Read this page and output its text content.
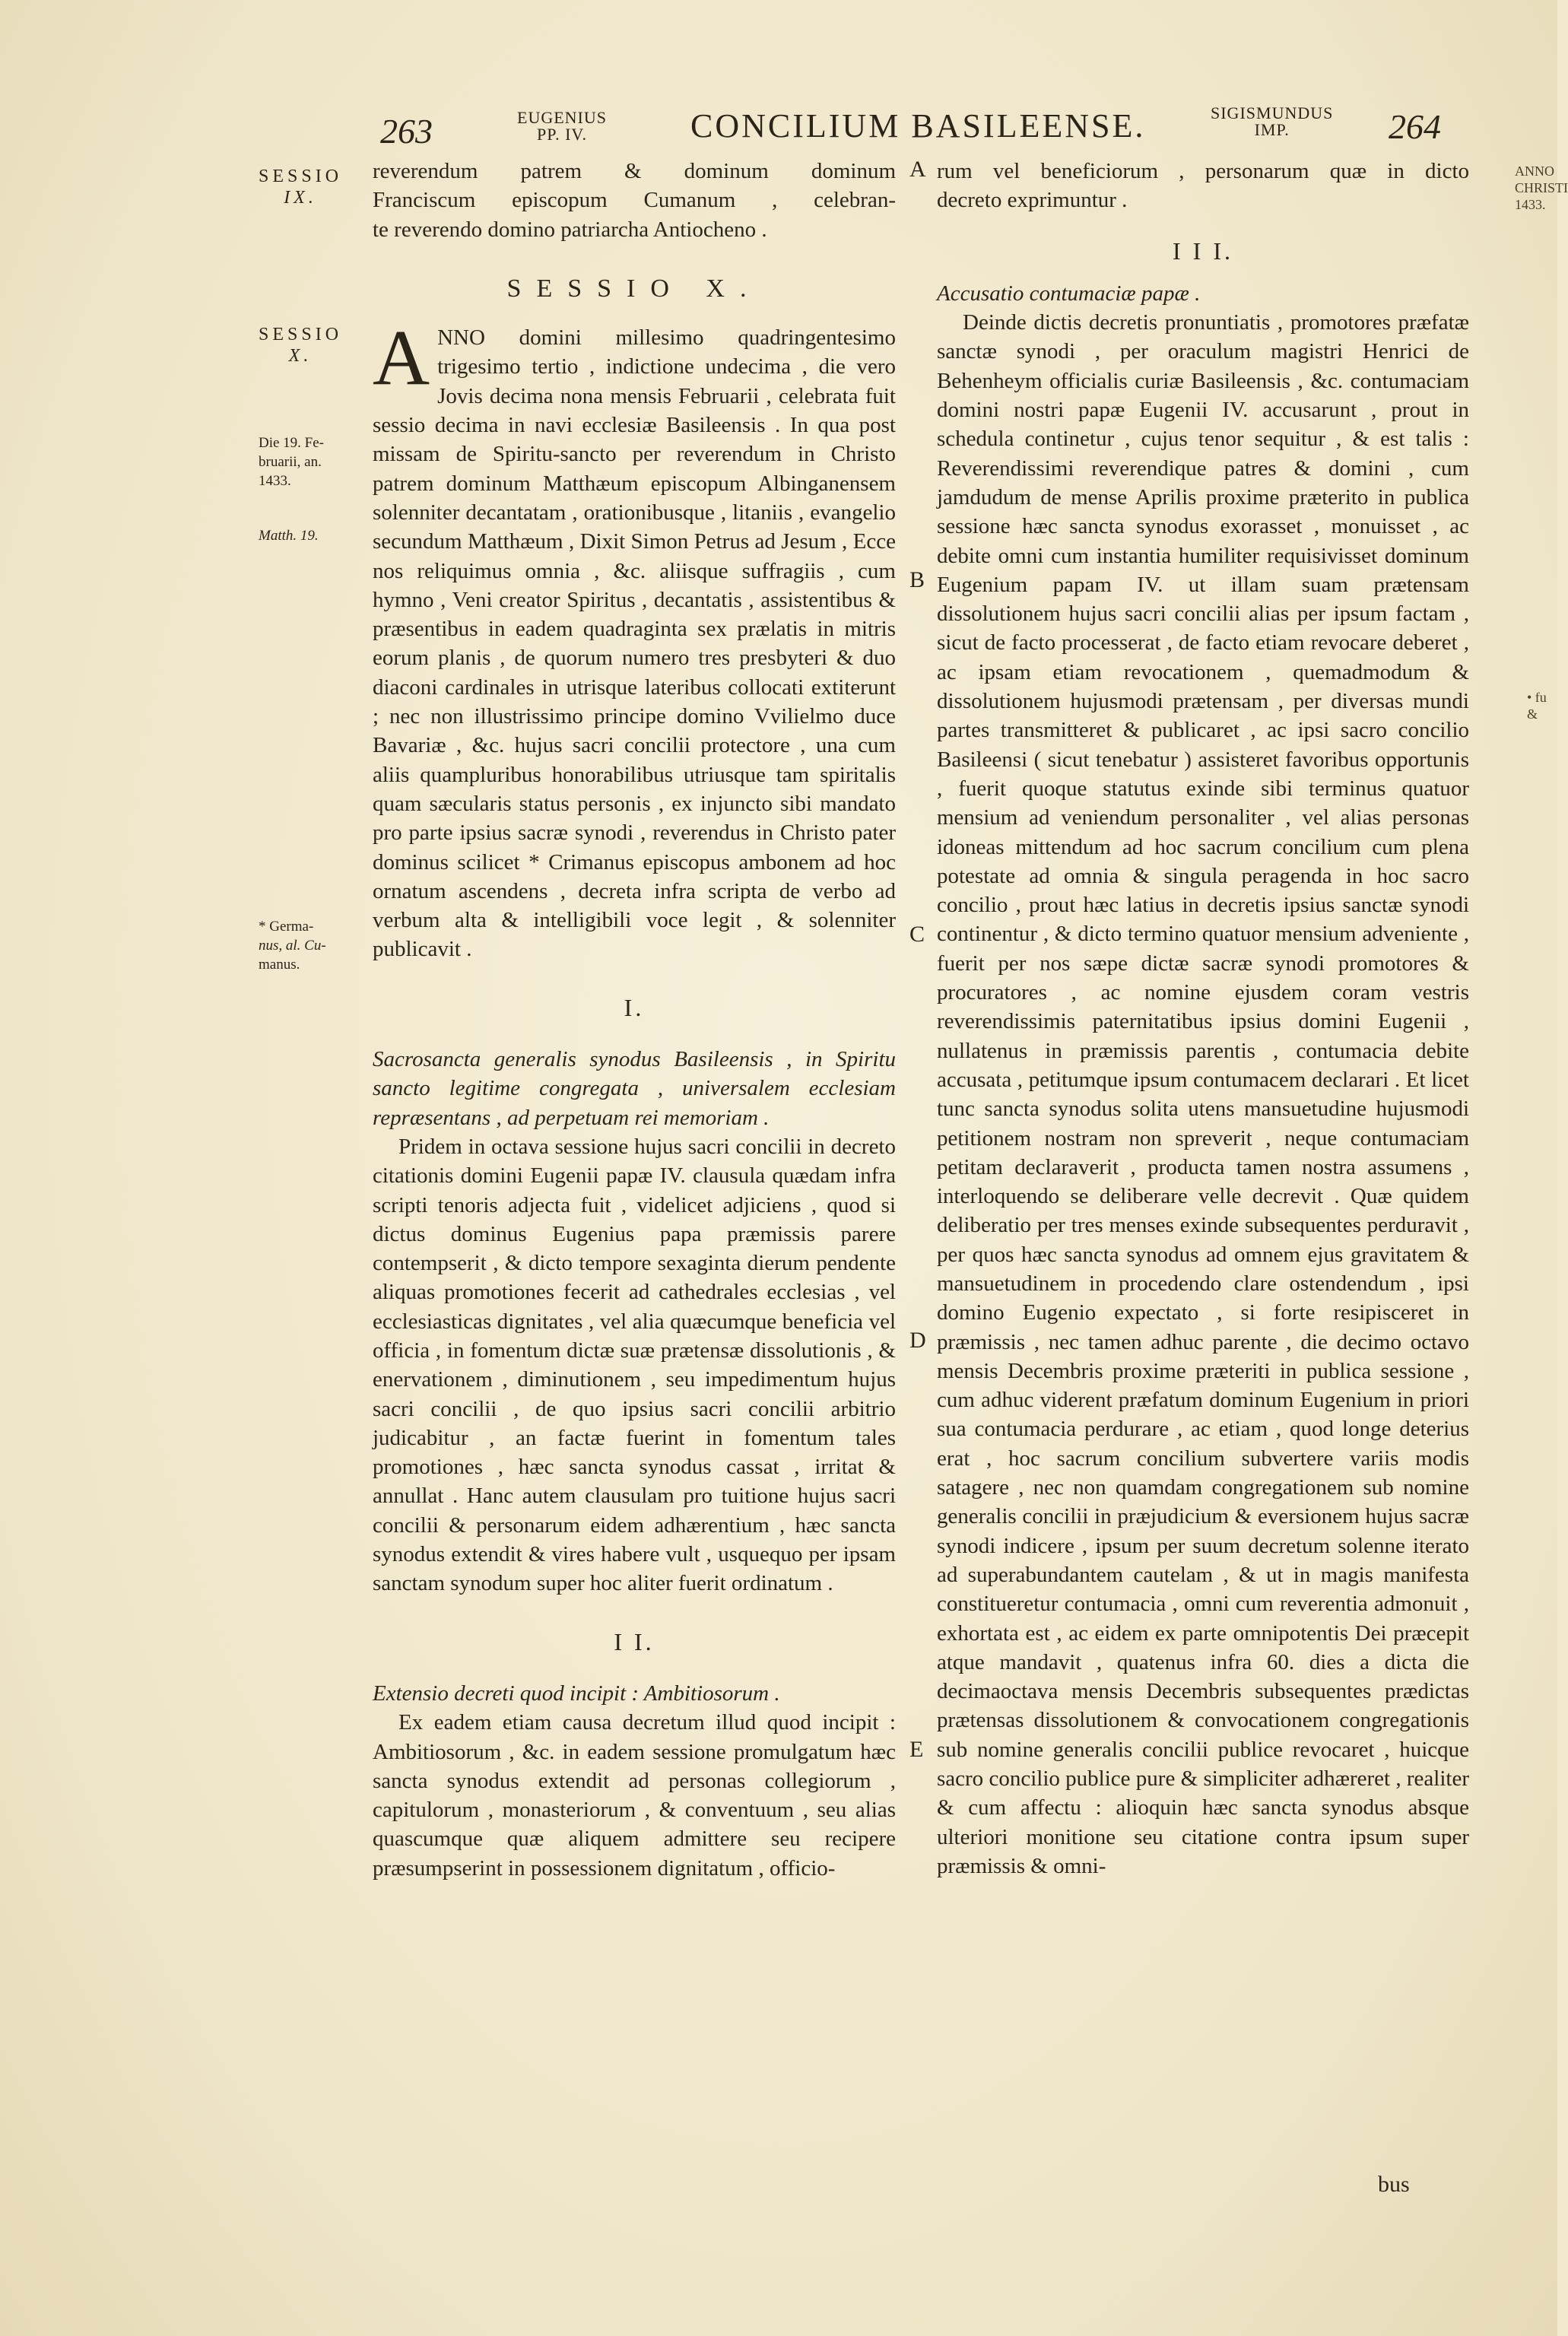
263	EUGENIUS
PP. IV.	CONCILIUM BASILEENSE.	SIGISMUNDUS
IMP.	264
SESSIO
IX.
SESSIO
X.
Die 19. Fe-
bruarii, an.
1433.
Matth. 19.
* Germa-
nus, al. Cu-
manus.

reverendum patrem & dominum dominum

Franciscum episcopum Cumanum , celebran-

te reverendo domino patriarcha Antiocheno .

SESSIO X.

A NNO domini millesimo quadringentesimo trigesimo tertio , indictione undecima , die vero Jovis decima nona mensis Februarii , celebrata fuit sessio decima in navi ecclesiæ Basileensis . In qua post missam de Spiritu-sancto per reverendum in Christo patrem dominum Matthæum episcopum Albinganensem solenniter decantatam , orationibusque , litaniis , evangelio secundum Matthæum , Dixit Simon Petrus ad Jesum , Ecce nos reliquimus omnia , &c. aliisque suffragiis , cum hymno , Veni creator Spiritus , decantatis , assistentibus & præsentibus in eadem quadraginta sex prælatis in mitris eorum planis , de quorum numero tres presbyteri & duo diaconi cardinales in utrisque lateribus collocati extiterunt ; nec non illustrissimo principe domino Vvilielmo duce Bavariæ , &c. hujus sacri concilii protectore , una cum aliis quampluribus honorabilibus utriusque tam spiritalis quam sæcularis status personis , ex injuncto sibi mandato pro parte ipsius sacræ synodi , reverendus in Christo pater dominus scilicet * Crimanus episcopus ambonem ad hoc ornatum ascendens , decreta infra scripta de verbo ad verbum alta & intelligibili voce legit , & solenniter publicavit .

I.

Sacrosancta generalis synodus Basileensis , in Spiritu sancto legitime congregata , universalem ecclesiam repræsentans , ad perpetuam rei memoriam .

Pridem in octava sessione hujus sacri concilii in decreto citationis domini Eugenii papæ IV. clausula quædam infra scripti tenoris adjecta fuit , videlicet adjiciens , quod si dictus dominus Eugenius papa præmissis parere contempserit , & dicto tempore sexaginta dierum pendente aliquas promotiones fecerit ad cathedrales ecclesias , vel ecclesiasticas dignitates , vel alia quæcumque beneficia vel officia , in fomentum dictæ suæ prætensæ dissolutionis , & enervationem , diminutionem , seu impedimentum hujus sacri concilii , de quo ipsius sacri concilii arbitrio judicabitur , an factæ fuerint in fomentum tales promotiones , hæc sancta synodus cassat , irritat & annullat . Hanc autem clausulam pro tuitione hujus sacri concilii & personarum eidem adhærentium , hæc sancta synodus extendit & vires habere vult , usquequo per ipsam sanctam synodum super hoc aliter fuerit ordinatum .

I I.

Extensio decreti quod incipit : Ambitiosorum .

Ex eadem etiam causa decretum illud quod incipit : Ambitiosorum , &c. in eadem sessione promulgatum hæc sancta synodus extendit ad personas collegiorum , capitulorum , monasteriorum , & conventuum , seu alias quascumque quæ aliquem admittere seu recipere præsumpserint in possessionem dignitatum , officio-

A
B
C
D
E

rum vel beneficiorum , personarum quæ in dicto

decreto exprimuntur .

I I I.

Accusatio contumaciæ papæ .

Deinde dictis decretis pronuntiatis , promotores præfatæ sanctæ synodi , per oraculum magistri Henrici de Behenheym officialis curiæ Basileensis , &c. contumaciam domini nostri papæ Eugenii IV. accusarunt , prout in schedula continetur , cujus tenor sequitur , & est talis : Reverendissimi reverendique patres & domini , cum jamdudum de mense Aprilis proxime præterito in publica sessione hæc sancta synodus exorasset , monuisset , ac debite omni cum instantia humiliter requisivisset dominum Eugenium papam IV. ut illam suam prætensam dissolutionem hujus sacri concilii alias per ipsum factam , sicut de facto processerat , de facto etiam revocare deberet , ac ipsam etiam revocationem , quemadmodum & dissolutionem hujusmodi prætensam , per diversas mundi partes transmitteret & publicaret , ac ipsi sacro concilio Basileensi ( sicut tenebatur ) assisteret favoribus opportunis , fuerit quoque statutus exinde sibi terminus quatuor mensium ad veniendum personaliter , vel alias personas idoneas mittendum ad hoc sacrum concilium cum plena potestate ad omnia & singula peragenda in hoc sacro concilio , prout hæc latius in decretis ipsius sanctæ synodi continentur , & dicto termino quatuor mensium adveniente , fuerit per nos sæpe dictæ sacræ synodi promotores & procuratores , ac nomine ejusdem coram vestris reverendissimis paternitatibus ipsius domini Eugenii , nullatenus in præmissis parentis , contumacia debite accusata , petitumque ipsum contumacem declarari . Et licet tunc sancta synodus solita utens mansuetudine hujusmodi petitionem nostram non spreverit , neque contumaciam petitam declaraverit , producta tamen nostra assumens , interloquendo se deliberare velle decrevit . Quæ quidem deliberatio per tres menses exinde subsequentes perduravit , per quos hæc sancta synodus ad omnem ejus gravitatem & mansuetudinem in procedendo clare ostendendum , ipsi domino Eugenio expectato , si forte resipisceret in præmissis , nec tamen adhuc parente , die decimo octavo mensis Decembris proxime præteriti in publica sessione , cum adhuc viderent præfatum dominum Eugenium in priori sua contumacia perdurare , ac etiam , quod longe deterius erat , hoc sacrum concilium subvertere variis modis satagere , nec non quamdam congregationem sub nomine generalis concilii in præjudicium & eversionem hujus sacræ synodi indicere , ipsum per suum decretum solenne iterato ad superabundantem cautelam , & ut in magis manifesta constitueretur contumacia , omni cum reverentia admonuit , exhortata est , ac eidem ex parte omnipotentis Dei præcepit atque mandavit , quatenus infra 60. dies a dicta die decimaoctava mensis Decembris subsequentes prædictas prætensas dissolutionem & convocationem congregationis sub nomine generalis concilii publice revocaret , huicque sacro concilio publice pure & simpliciter adhæreret , realiter & cum affectu : alioquin hæc sancta synodus absque ulteriori monitione seu citatione contra ipsum super præmissis & omni-

bus
ANNO
CHRISTI
1433.
• fu
&
